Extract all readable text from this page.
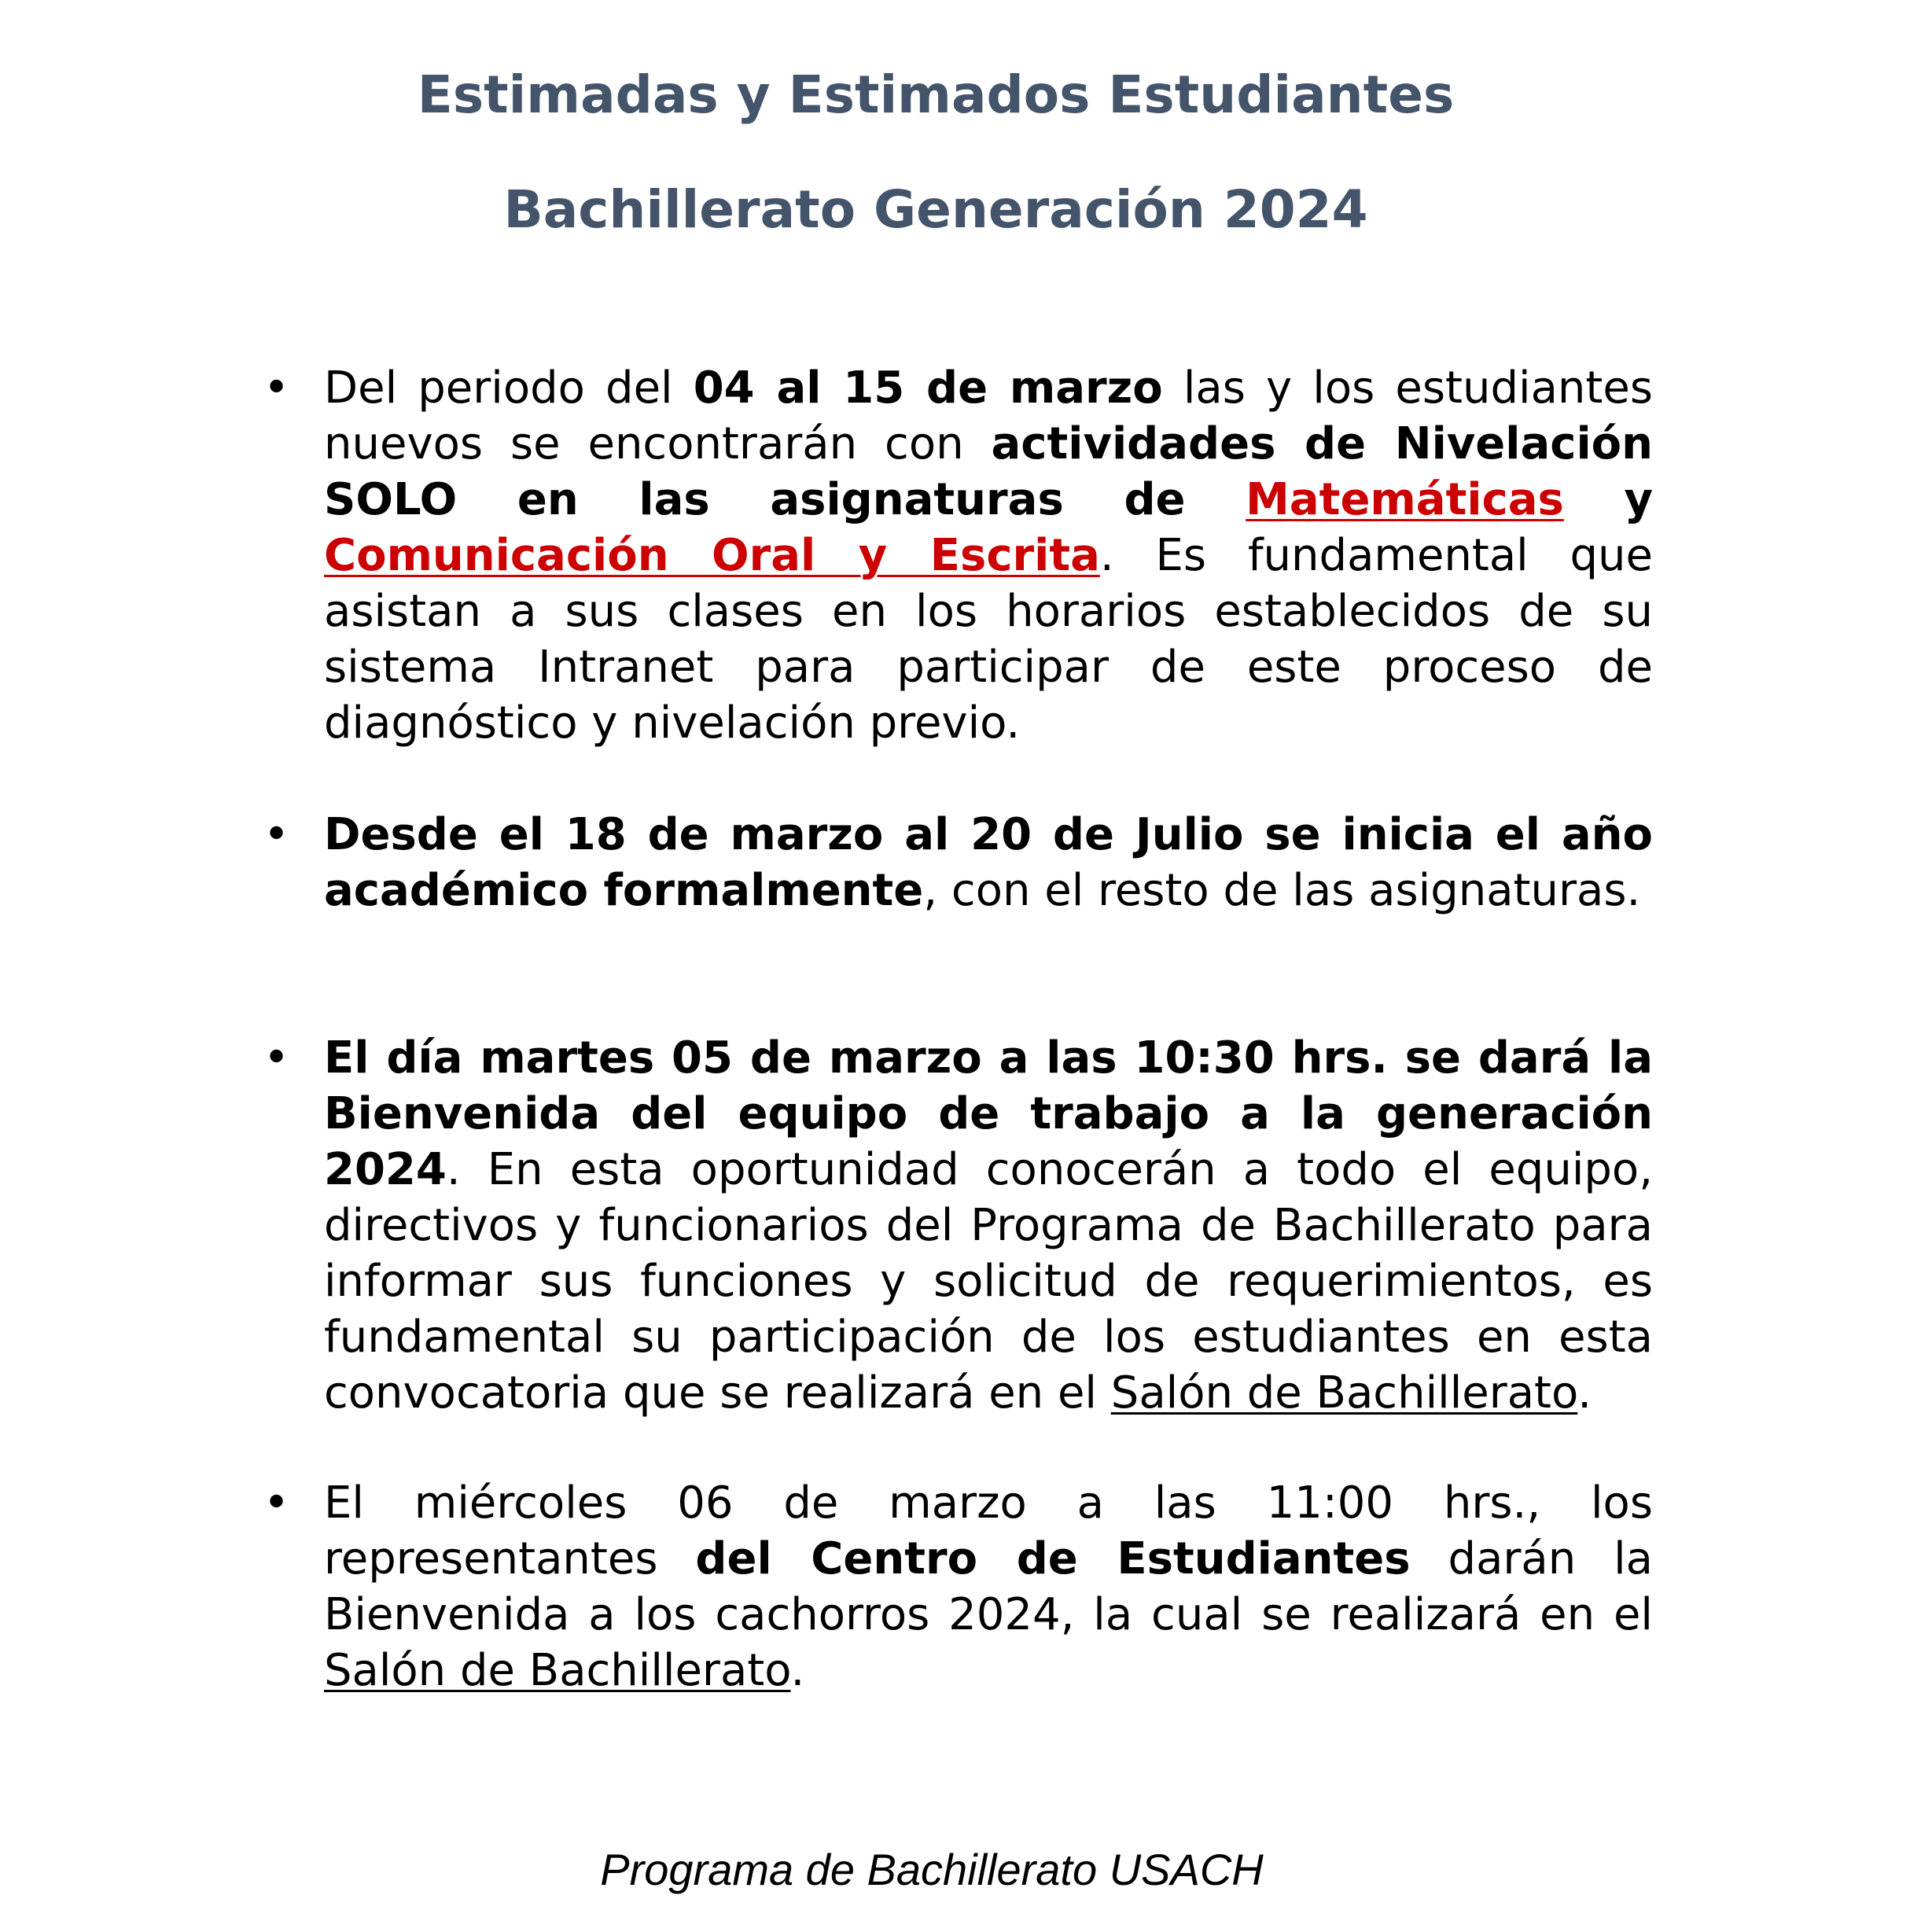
Estimadas y Estimados Estudiantes
Bachillerato Generación 2024
• Del periodo del 04 al 15 de marzo las y los estudiantes nuevos se encontrarán con actividades de Nivelación SOLO en las asignaturas de Matemáticas y Comunicación Oral y Escrita. Es fundamental que asistan a sus clases en los horarios establecidos de su sistema Intranet para participar de este proceso de diagnóstico y nivelación previo.

• Desde el 18 de marzo al 20 de Julio se inicia el año académico formalmente, con el resto de las asignaturas.

• El día martes 05 de marzo a las 10:30 hrs. se dará la Bienvenida del equipo de trabajo a la generación 2024. En esta oportunidad conocerán a todo el equipo, directivos y funcionarios del Programa de Bachillerato para informar sus funciones y solicitud de requerimientos, es fundamental su participación de los estudiantes en esta convocatoria que se realizará en el Salón de Bachillerato.

• El miércoles 06 de marzo a las 11:00 hrs., los representantes del Centro de Estudiantes darán la Bienvenida a los cachorros 2024, la cual se realizará en el Salón de Bachillerato.

Programa de Bachillerato USACH
